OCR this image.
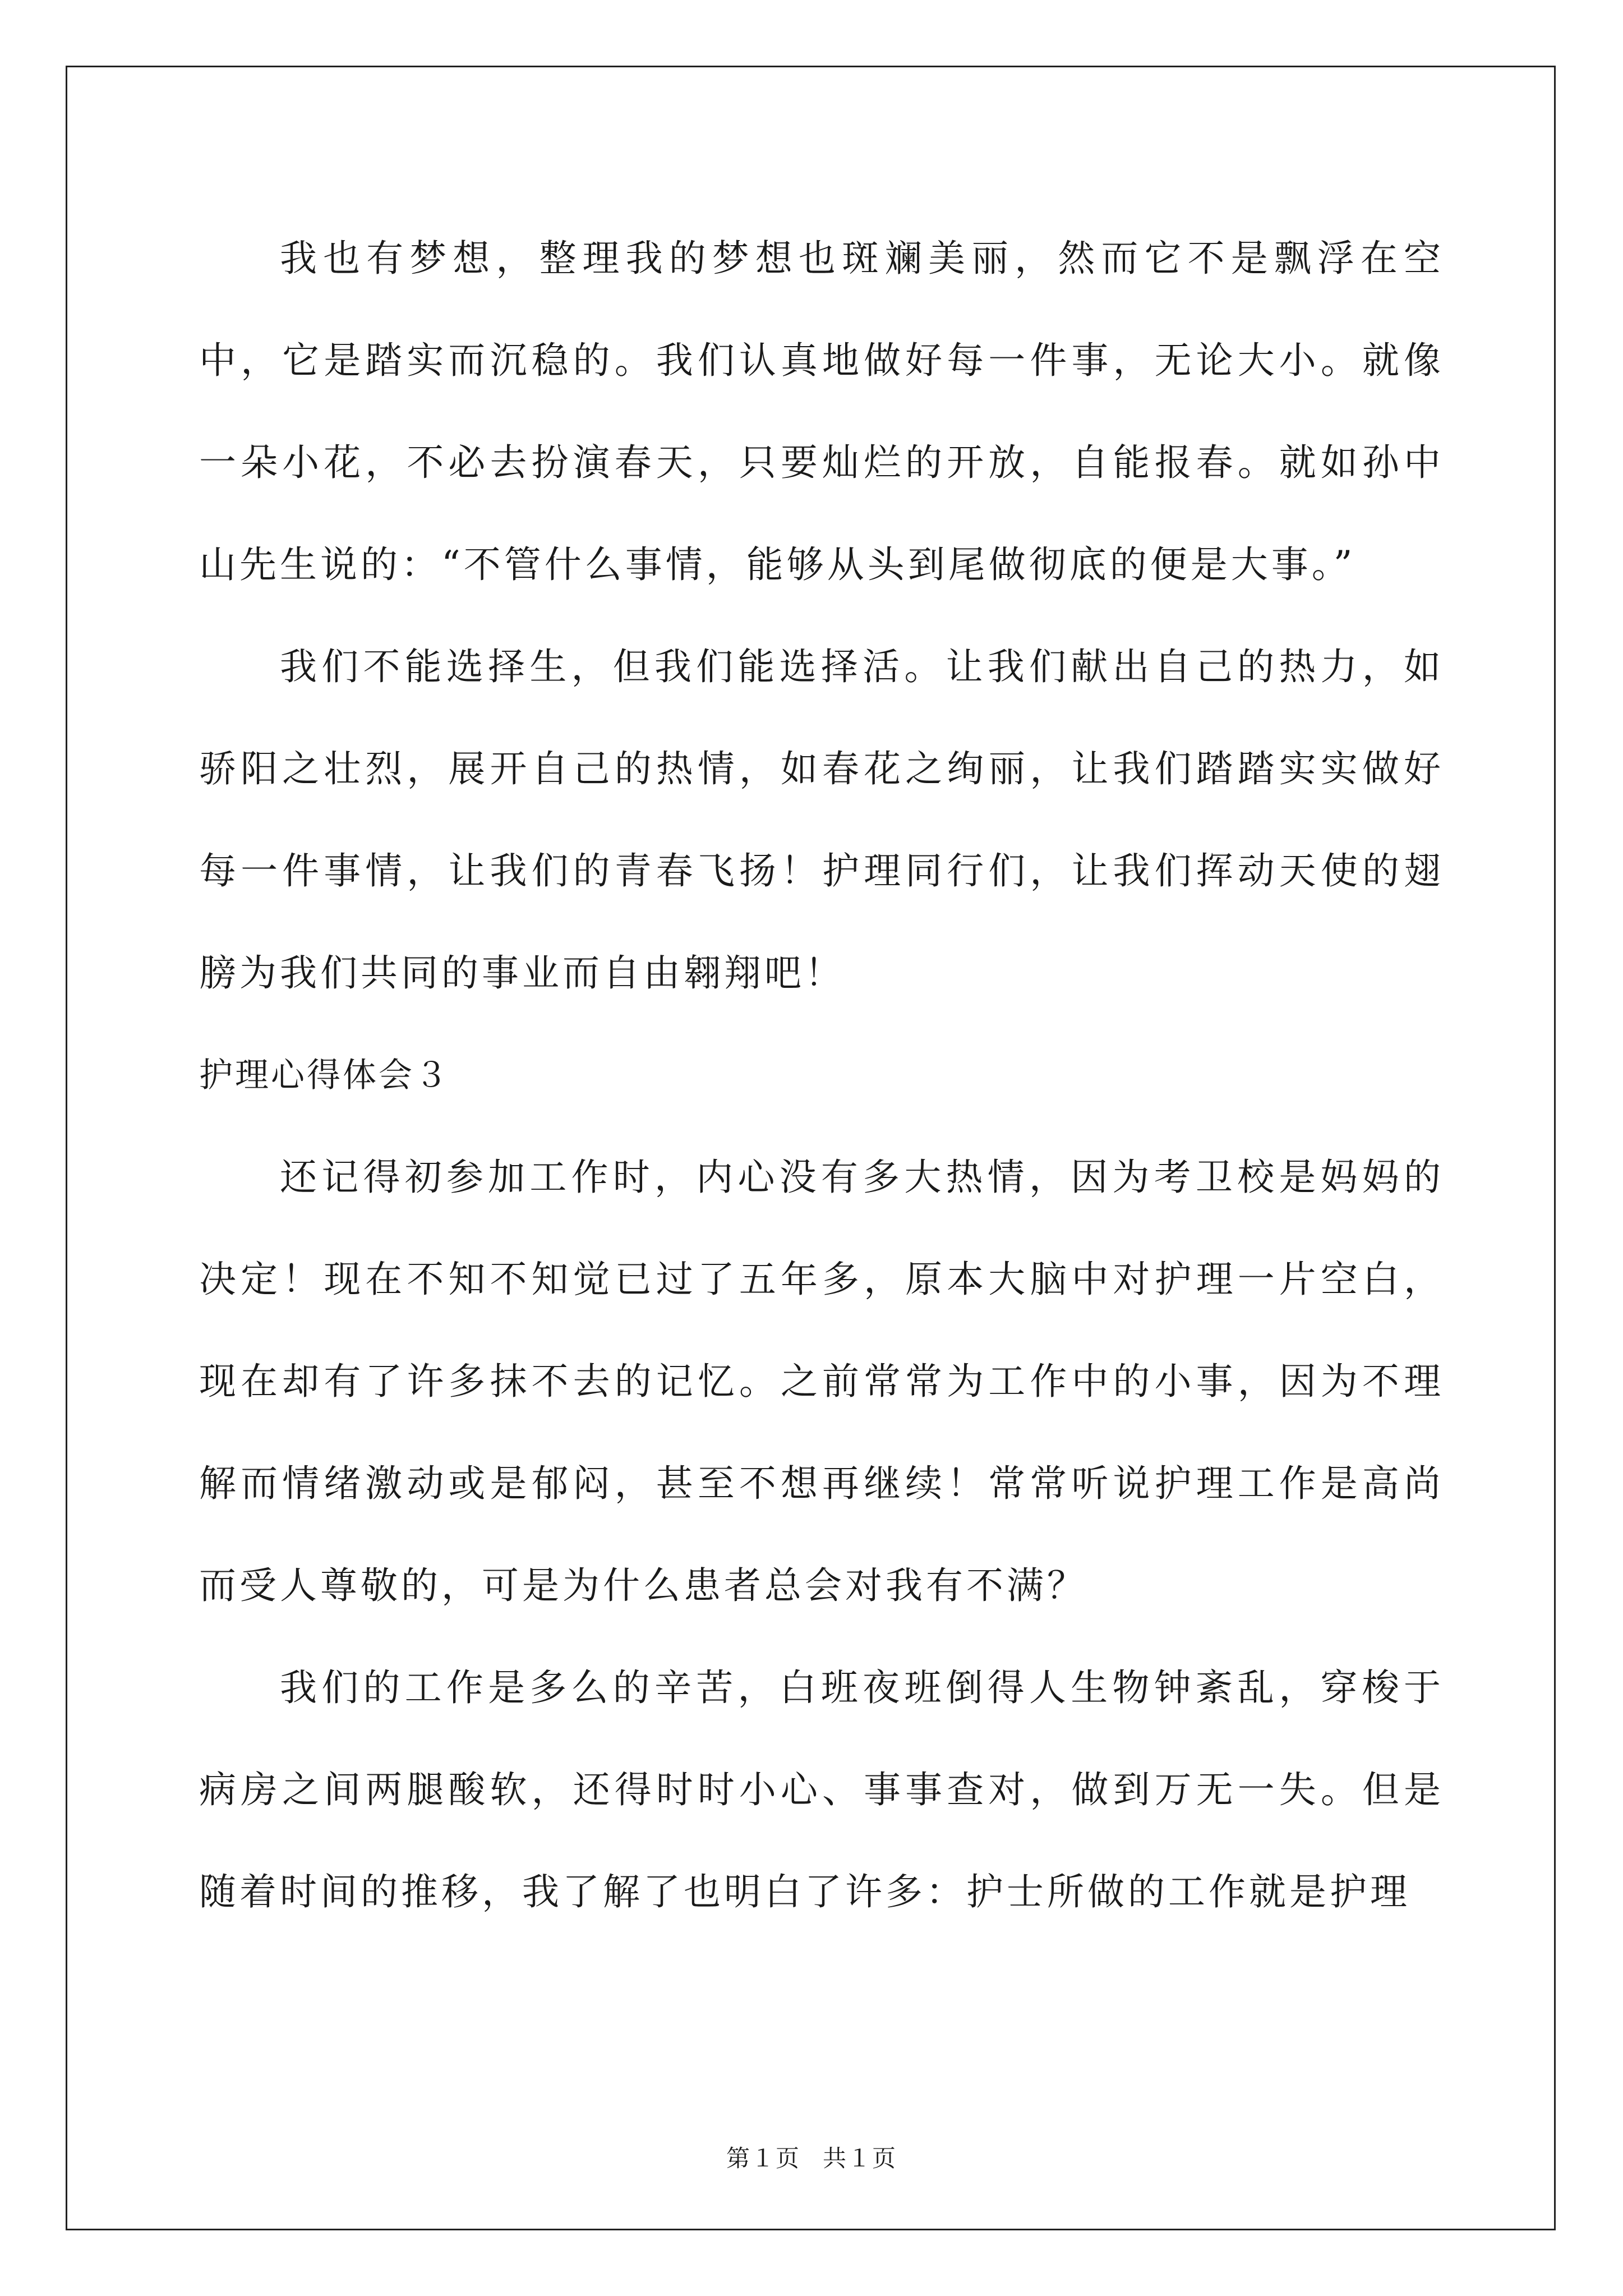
我也有梦想，整理我的梦想也斑斓美丽，然而它不是飘浮在空中，它是踏实而沉稳的。我们认真地做好每一件事，无论大小。就像一朵小花，不必去扮演春天，只要灿烂的开放，自能报春。就如孙中山先生说的：“不管什么事情，能够从头到尾做彻底的便是大事。”

我们不能选择生，但我们能选择活。让我们献出自己的热力，如骄阳之壮烈，展开自己的热情，如春花之绚丽，让我们踏踏实实做好每一件事情，让我们的青春飞扬！护理同行们，让我们挥动天使的翅膀为我们共同的事业而自由翱翔吧！

护理心得体会３

还记得初参加工作时，内心没有多大热情，因为考卫校是妈妈的决定！现在不知不知觉已过了五年多，原本大脑中对护理一片空白，现在却有了许多抹不去的记忆。之前常常为工作中的小事，因为不理解而情绪激动或是郁闷，甚至不想再继续！常常听说护理工作是高尚而受人尊敬的，可是为什么患者总会对我有不满？

我们的工作是多么的辛苦，白班夜班倒得人生物钟紊乱，穿梭于病房之间两腿酸软，还得时时小心、事事查对，做到万无一失。但是随着时间的推移，我了解了也明白了许多：护士所做的工作就是护理

第１页 共１页
